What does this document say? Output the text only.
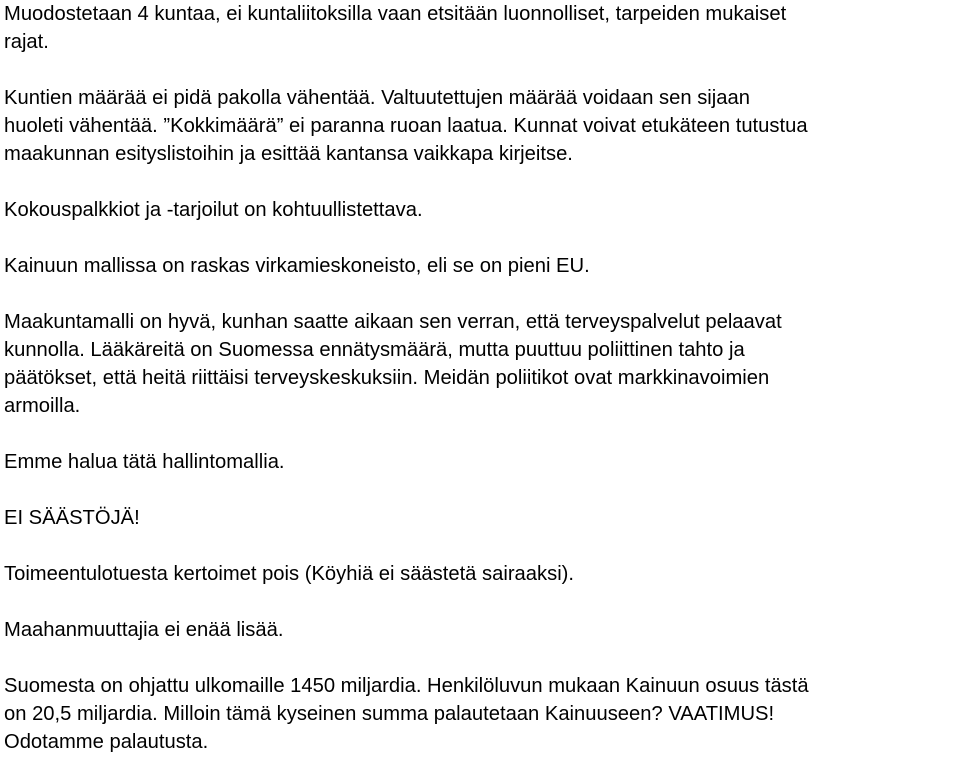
Muodostetaan 4 kuntaa, ei kuntaliitoksilla vaan etsitään luonnolliset, tarpeiden mukaiset
rajat.
Kuntien määrää ei pidä pakolla vähentää. Valtuutettujen määrää voidaan sen sijaan
huoleti vähentää. ”Kokkimäärä” ei paranna ruoan laatua. Kunnat voivat etukäteen tutustua
maakunnan esityslistoihin ja esittää kantansa vaikkapa kirjeitse.
Kokouspalkkiot ja -tarjoilut on kohtuullistettava.
Kainuun mallissa on raskas virkamieskoneisto, eli se on pieni EU.
Maakuntamalli on hyvä, kunhan saatte aikaan sen verran, että terveyspalvelut pelaavat
kunnolla. Lääkäreitä on Suomessa ennätysmäärä, mutta puuttuu poliittinen tahto ja
päätökset, että heitä riittäisi terveyskeskuksiin. Meidän poliitikot ovat markkinavoimien
armoilla.
Emme halua tätä hallintomallia.
EI SÄÄSTÖJÄ!
Toimeentulotuesta kertoimet pois (Köyhiä ei säästetä sairaaksi).
Maahanmuuttajia ei enää lisää.
Suomesta on ohjattu ulkomaille 1450 miljardia. Henkilöluvun mukaan Kainuun osuus tästä
on 20,5 miljardia. Milloin tämä kyseinen summa palautetaan Kainuuseen? VAATIMUS!
Odotamme palautusta.
